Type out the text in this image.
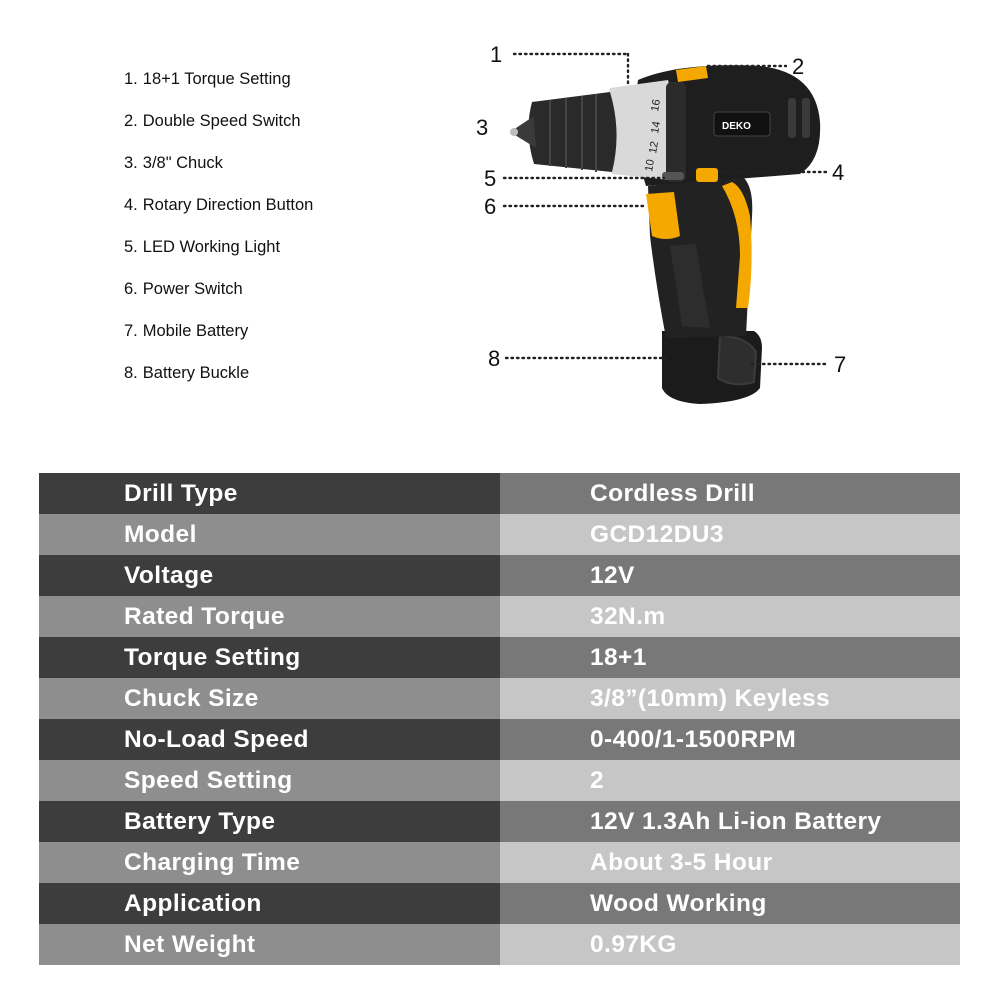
1. 18+1 Torque Setting
2. Double Speed Switch
3. 3/8" Chuck
4. Rotary Direction Button
5. LED Working Light
6. Power Switch
7. Mobile Battery
8. Battery Buckle
DEKO
10
12
14
16
1	2
3
4
5
6
7
8
Drill Type	Cordless Drill
Model	GCD12DU3
Voltage	12V
Rated Torque	32N.m
Torque Setting	18+1
Chuck Size	3/8”(10mm) Keyless
No-Load Speed	0-400/1-1500RPM
Speed Setting	2
Battery Type	12V 1.3Ah Li-ion Battery
Charging Time	About 3-5 Hour
Application	Wood Working
Net Weight	0.97KG
